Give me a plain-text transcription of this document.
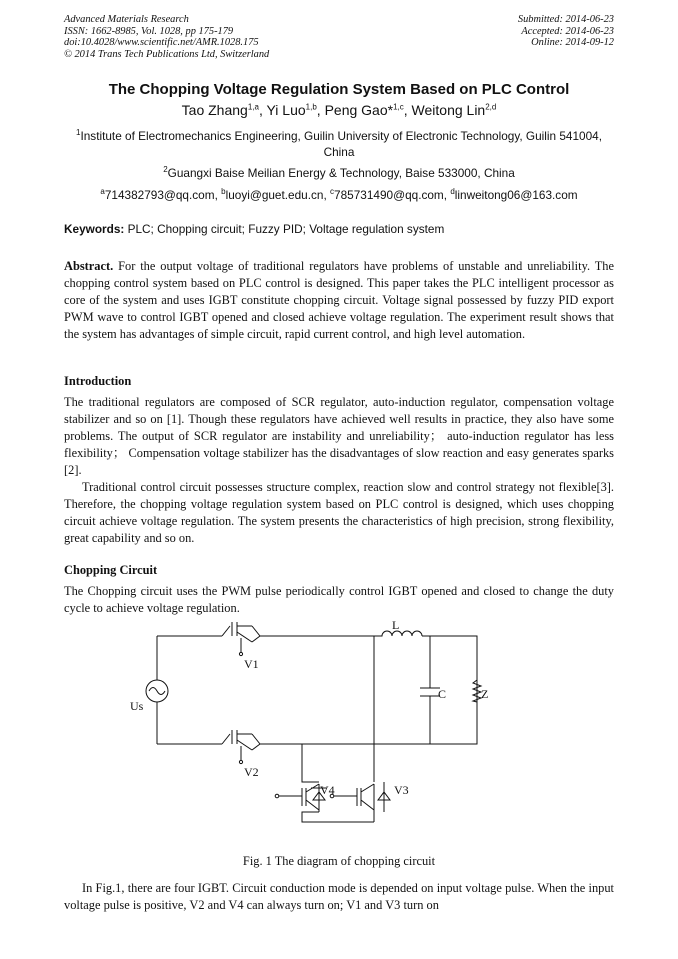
Advanced Materials Research
ISSN: 1662-8985, Vol. 1028, pp 175-179
doi:10.4028/www.scientific.net/AMR.1028.175
© 2014 Trans Tech Publications Ltd, Switzerland
Submitted: 2014-06-23
Accepted: 2014-06-23
Online: 2014-09-12
The Chopping Voltage Regulation System Based on PLC Control
Tao Zhang$^{1,a}$, Yi Luo$^{1,b}$, Peng Gao*$^{1,c}$, Weitong Lin$^{2,d}$
$^1$Institute of Electromechanics Engineering, Guilin University of Electronic Technology, Guilin 541004, China
$^2$Guangxi Baise Meilian Energy & Technology, Baise 533000, China
$^a$714382793@qq.com, $^b$luoyi@guet.edu.cn, $^c$785731490@qq.com, $^d$linweitong06@163.com
Keywords: PLC; Chopping circuit; Fuzzy PID; Voltage regulation system

Abstract. For the output voltage of traditional regulators have problems of unstable and unreliability. The chopping control system based on PLC control is designed. This paper takes the PLC intelligent processor as core of the system and uses IGBT constitute chopping circuit. Voltage signal possessed by fuzzy PID export PWM wave to control IGBT opened and closed achieve voltage regulation. The experiment result shows that the system has advantages of simple circuit, rapid current control, and high level automation.

Introduction

The traditional regulators are composed of SCR regulator, auto-induction regulator, compensation voltage stabilizer and so on [1]. Though these regulators have achieved well results in practice, they also have some problems. The output of SCR regulator are instability and unreliability； auto-induction regulator has less flexibility； Compensation voltage stabilizer has the disadvantages of slow reaction and easy generates sparks [2].

Traditional control circuit possesses structure complex, reaction slow and control strategy not flexible[3]. Therefore, the chopping voltage regulation system based on PLC control is designed, which uses chopping circuit achieve voltage regulation. The system presents the characteristics of high precision, strong flexibility, great capability and so on.

Chopping Circuit

The Chopping circuit uses the PWM pulse periodically control IGBT opened and closed to change the duty cycle to achieve voltage regulation.

L
V1
Us
C	Z
V2
V4	V3
Fig. 1 The diagram of chopping circuit

In Fig.1, there are four IGBT. Circuit conduction mode is depended on input voltage pulse. When the input voltage pulse is positive, V2 and V4 can always turn on; V1 and V3 turn on
